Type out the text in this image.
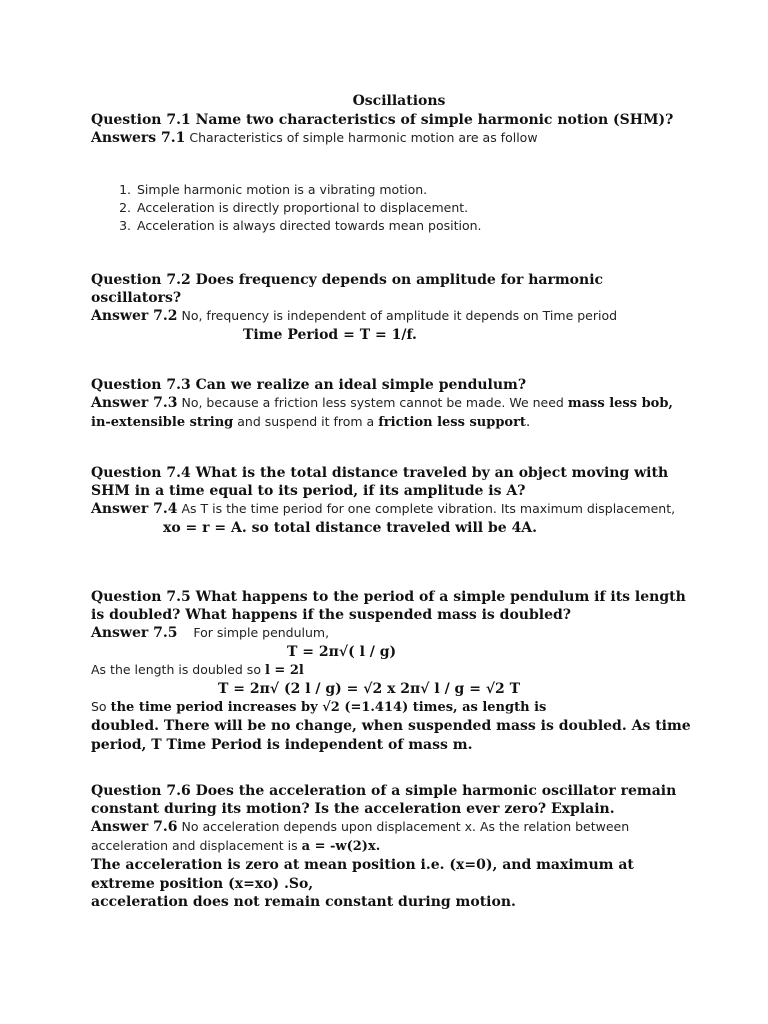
Oscillations
Question 7.1 Name two characteristics of simple harmonic notion (SHM)?
Answers 7.1 Characteristics of simple harmonic motion are as follow
1. Simple harmonic motion is a vibrating motion.
2. Acceleration is directly proportional to displacement.
3. Acceleration is always directed towards mean position.
Question 7.2 Does frequency depends on amplitude for harmonic oscillators?
Answer 7.2 No, frequency is independent of amplitude it depends on Time period
Time Period = T = 1/f.
Question 7.3 Can we realize an ideal simple pendulum?
Answer 7.3 No, because a friction less system cannot be made. We need mass less bob, in-extensible string and suspend it from a friction less support.
Question 7.4 What is the total distance traveled by an object moving with SHM in a time equal to its period, if its amplitude is A?
Answer 7.4 As T is the time period for one complete vibration. Its maximum displacement,
xo = r = A. so total distance traveled will be 4A.
Question 7.5 What happens to the period of a simple pendulum if its length is doubled? What happens if the suspended mass is doubled?
Answer 7.5    For simple pendulum,
T = 2π√( l / g)
As the length is doubled so l = 2l
T = 2π√ (2 l / g) = √2 x 2π√ l / g = √2 T
So the time period increases by √2 (=1.414) times, as length is
doubled. There will be no change, when suspended mass is doubled. As time period, T Time Period is independent of mass m.
Question 7.6 Does the acceleration of a simple harmonic oscillator remain constant during its motion? Is the acceleration ever zero? Explain.
Answer 7.6 No acceleration depends upon displacement x. As the relation between acceleration and displacement is a = -w(2)x.
The acceleration is zero at mean position i.e. (x=0), and maximum at extreme position (x=xo) .So,
acceleration does not remain constant during motion.
